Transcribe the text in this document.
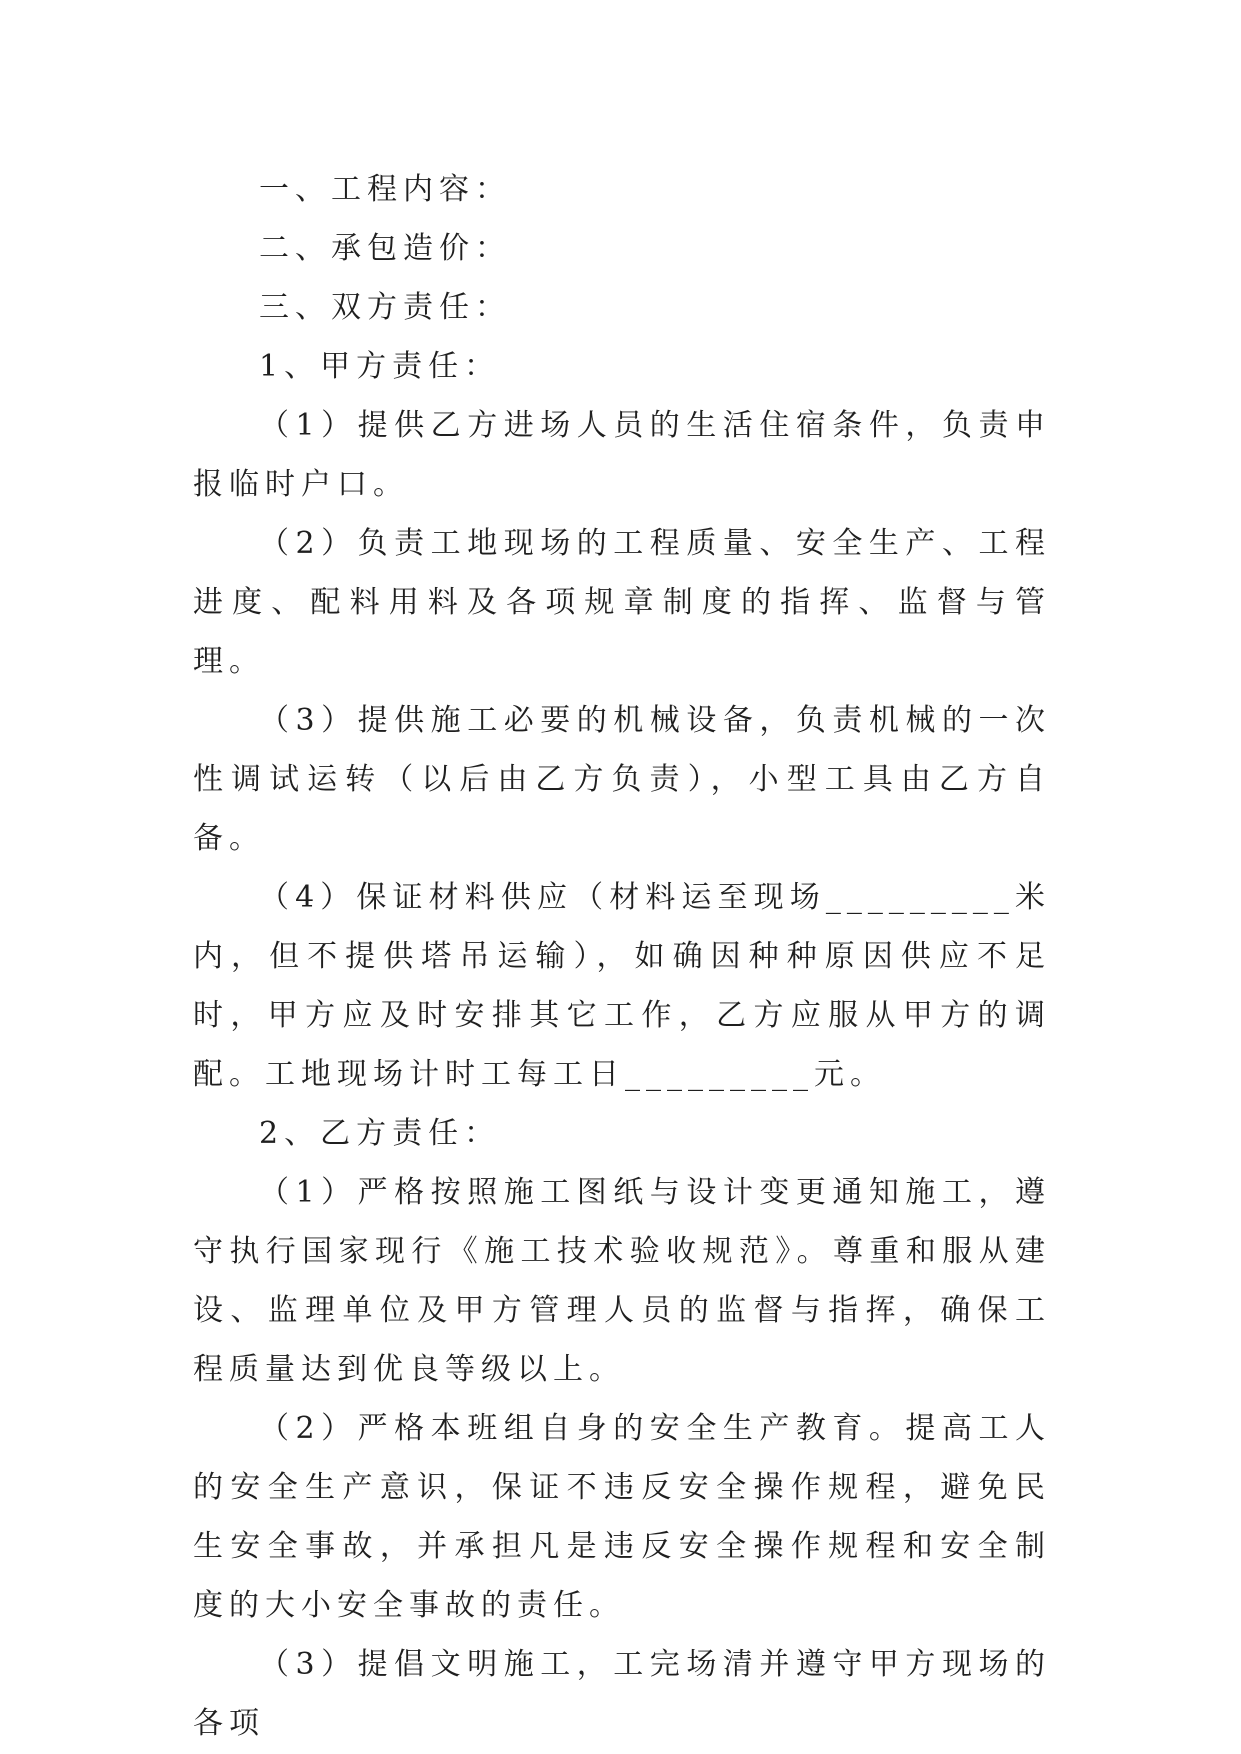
一、工程内容：

二、承包造价：

三、双方责任：

1、甲方责任：

（1）提供乙方进场人员的生活住宿条件，负责申报临时户口。

（2）负责工地现场的工程质量、安全生产、工程进度、配料用料及各项规章制度的指挥、监督与管理。

（3）提供施工必要的机械设备，负责机械的一次性调试运转（以后由乙方负责），小型工具由乙方自备。

（4）保证材料供应（材料运至现场_________米内，但不提供塔吊运输），如确因种种原因供应不足时，甲方应及时安排其它工作，乙方应服从甲方的调配。工地现场计时工每工日_________元。

2、乙方责任：

（1）严格按照施工图纸与设计变更通知施工，遵守执行国家现行《施工技术验收规范》。尊重和服从建设、监理单位及甲方管理人员的监督与指挥，确保工程质量达到优良等级以上。

（2）严格本班组自身的安全生产教育。提高工人的安全生产意识，保证不违反安全操作规程，避免民生安全事故，并承担凡是违反安全操作规程和安全制度的大小安全事故的责任。

（3）提倡文明施工，工完场清并遵守甲方现场的各项
